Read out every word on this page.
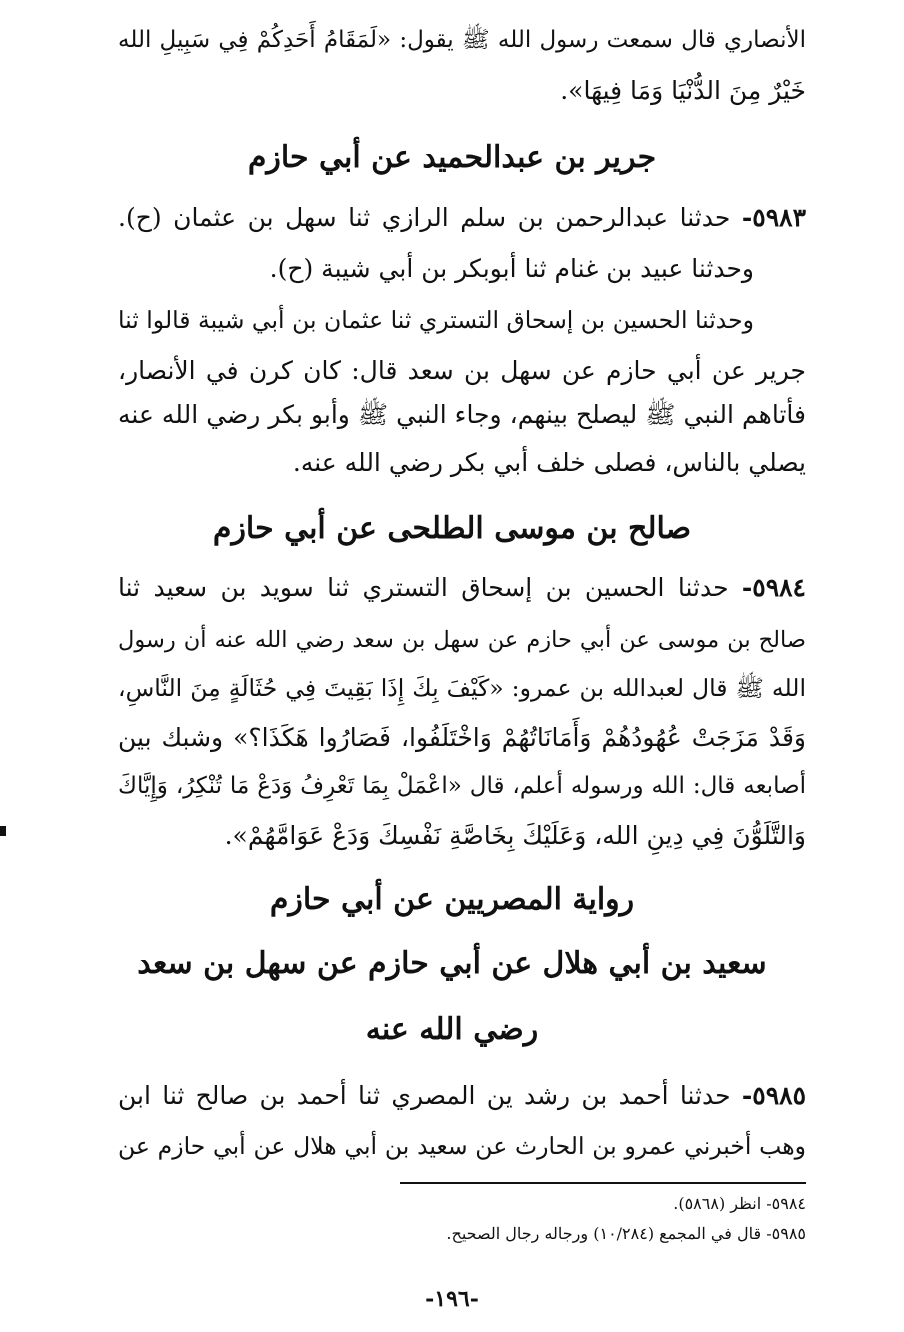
الأنصاري قال سمعت رسول الله ﷺ يقول: «لَمَقَامُ أَحَدِكُمْ فِي سَبِيلِ الله
خَيْرٌ مِنَ الدُّنْيَا وَمَا فِيهَا».
جرير بن عبدالحميد عن أبي حازم
٥٩٨٣- حدثنا عبدالرحمن بن سلم الرازي ثنا سهل بن عثمان (ح).
وحدثنا عبيد بن غنام ثنا أبوبكر بن أبي شيبة (ح).
وحدثنا الحسين بن إسحاق التستري ثنا عثمان بن أبي شيبة قالوا ثنا
جرير عن أبي حازم عن سهل بن سعد قال: كان كرن في الأنصار،
فأتاهم النبي ﷺ ليصلح بينهم، وجاء النبي ﷺ وأبو بكر رضي الله عنه
يصلي بالناس، فصلى خلف أبي بكر رضي الله عنه.
صالح بن موسى الطلحى عن أبي حازم
٥٩٨٤- حدثنا الحسين بن إسحاق التستري ثنا سويد بن سعيد ثنا
صالح بن موسى عن أبي حازم عن سهل بن سعد رضي الله عنه أن رسول
الله ﷺ قال لعبدالله بن عمرو: «كَيْفَ بِكَ إِذَا بَقِيتَ فِي حُثَالَةٍ مِنَ النَّاسِ،
وَقَدْ مَزَجَتْ عُهُودُهُمْ وَأَمَانَاتُهُمْ وَاخْتَلَفُوا، فَصَارُوا هَكَذَا؟» وشبك بين
أصابعه قال: الله ورسوله أعلم، قال «اعْمَلْ بِمَا تَعْرِفُ وَدَعْ مَا تُنْكِرُ، وَإِيَّاكَ
وَالتَّلَوُّنَ فِي دِينِ الله، وَعَلَيْكَ بِخَاصَّةِ نَفْسِكَ وَدَعْ عَوَامَّهُمْ».
رواية المصريين عن أبي حازم
سعيد بن أبي هلال عن أبي حازم عن سهل بن سعد
رضي الله عنه
٥٩٨٥- حدثنا أحمد بن رشد ين المصري ثنا أحمد بن صالح ثنا ابن
وهب أخبرني عمرو بن الحارث عن سعيد بن أبي هلال عن أبي حازم عن
٥٩٨٤- انظر (٥٨٦٨).
٥٩٨٥- قال في المجمع (١٠/٢٨٤) ورجاله رجال الصحيح.
-١٩٦-
